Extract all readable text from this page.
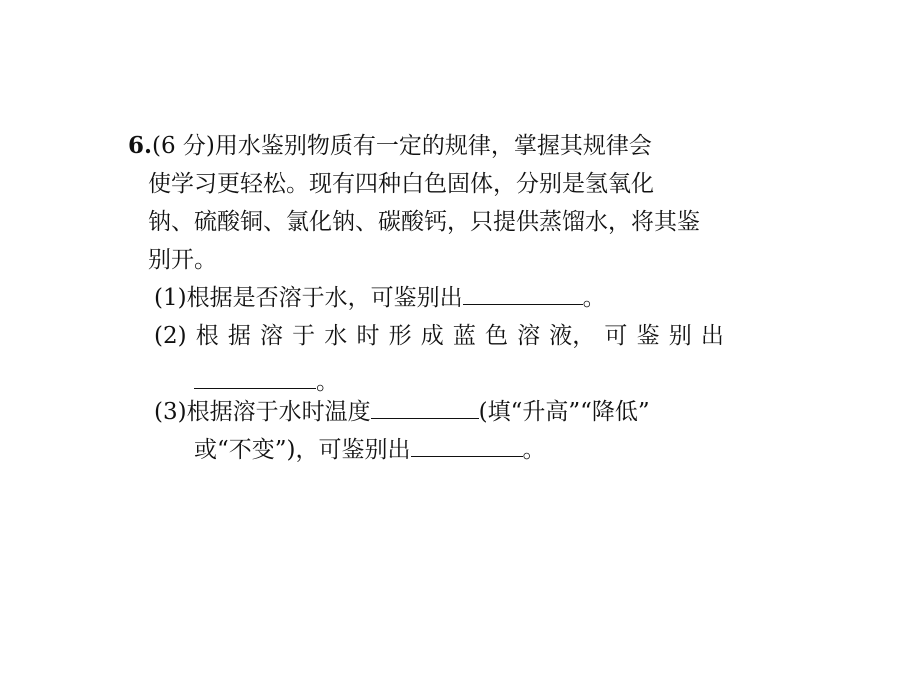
6.(6 分)用水鉴别物质有一定的规律，掌握其规律会
使学习更轻松。现有四种白色固体，分别是氢氧化
钠、硫酸铜、氯化钠、碳酸钙，只提供蒸馏水，将其鉴
别开。
(1)根据是否溶于水，可鉴别出	。
(2) 根 据 溶 于 水 时 形 成 蓝 色 溶 液， 可 鉴 别 出
。
(3)根据溶于水时温度	(填“升高”“降低”
或“不变”)，可鉴别出	。
